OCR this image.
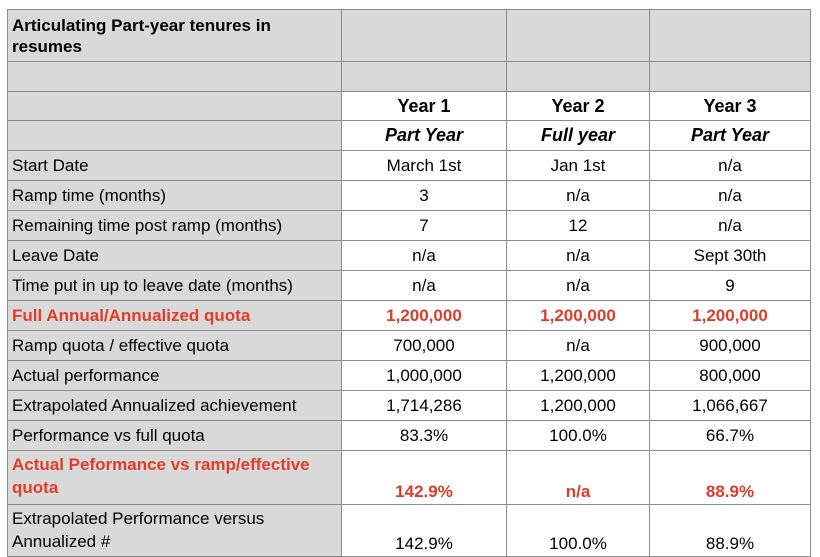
Articulating Part-year tenures in resumes			

	Year 1	Year 2	Year 3
	Part Year	Full year	Part Year
Start Date	March 1st	Jan 1st	n/a
Ramp time (months)	3	n/a	n/a
Remaining time post ramp (months)	7	12	n/a
Leave Date	n/a	n/a	Sept 30th
Time put in up to leave date (months)	n/a	n/a	9
Full Annual/Annualized quota	1,200,000	1,200,000	1,200,000
Ramp quota / effective quota	700,000	n/a	900,000
Actual performance	1,000,000	1,200,000	800,000
Extrapolated Annualized achievement	1,714,286	1,200,000	1,066,667
Performance vs full quota	83.3%	100.0%	66.7%
Actual Peformance vs ramp/effective quota	142.9%	n/a	88.9%
Extrapolated Performance versus Annualized #	142.9%	100.0%	88.9%
